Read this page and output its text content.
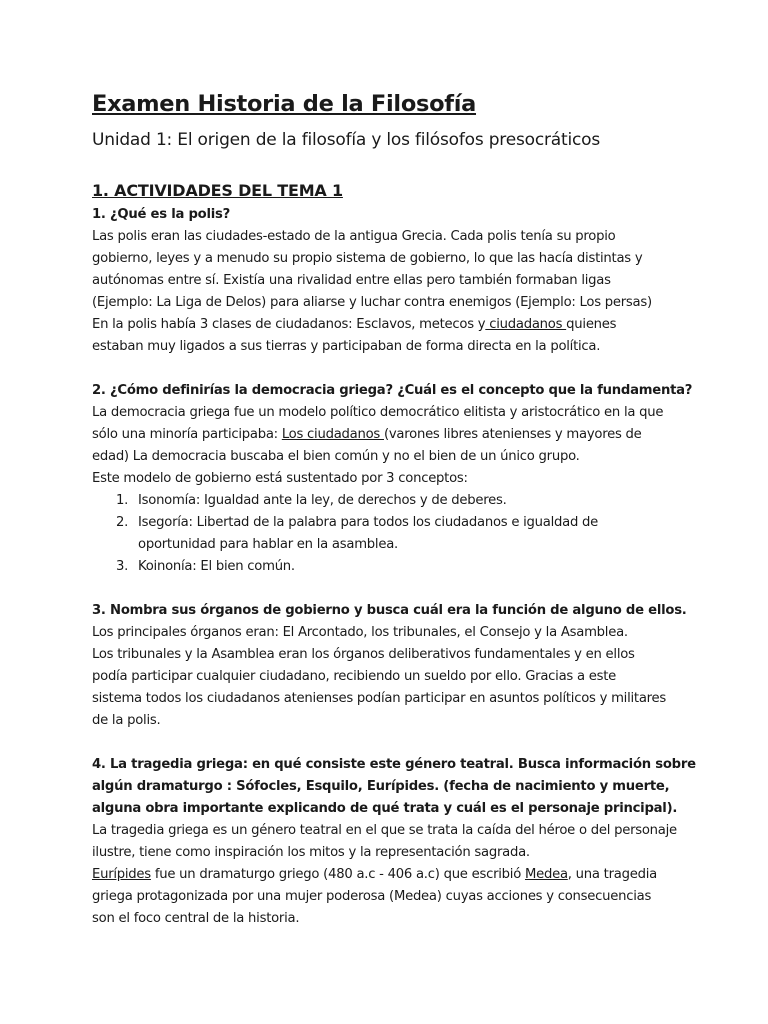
Examen Historia de la Filosofía

Unidad 1: El origen de la filosofía y los filósofos presocráticos

1. ACTIVIDADES DEL TEMA 1

1. ¿Qué es la polis?

Las polis eran las ciudades-estado de la antigua Grecia. Cada polis tenía su propio

gobierno, leyes y a menudo su propio sistema de gobierno, lo que las hacía distintas y

autónomas entre sí. Existía una rivalidad entre ellas pero también formaban ligas

(Ejemplo: La Liga de Delos) para aliarse y luchar contra enemigos (Ejemplo: Los persas)

En la polis había 3 clases de ciudadanos: Esclavos, metecos y ciudadanos quienes

estaban muy ligados a sus tierras y participaban de forma directa en la política.

2. ¿Cómo definirías la democracia griega? ¿Cuál es el concepto que la fundamenta?

La democracia griega fue un modelo político democrático elitista y aristocrático en la que

sólo una minoría participaba: Los ciudadanos (varones libres atenienses y mayores de

edad) La democracia buscaba el bien común y no el bien de un único grupo.

Este modelo de gobierno está sustentado por 3 conceptos:

1. Isonomía: Igualdad ante la ley, de derechos y de deberes.
2. Isegoría: Libertad de la palabra para todos los ciudadanos e igualdad de
oportunidad para hablar en la asamblea.
3. Koinonía: El bien común.

3. Nombra sus órganos de gobierno y busca cuál era la función de alguno de ellos.

Los principales órganos eran: El Arcontado, los tribunales, el Consejo y la Asamblea.

Los tribunales y la Asamblea eran los órganos deliberativos fundamentales y en ellos

podía participar cualquier ciudadano, recibiendo un sueldo por ello. Gracias a este

sistema todos los ciudadanos atenienses podían participar en asuntos políticos y militares

de la polis.

4. La tragedia griega: en qué consiste este género teatral. Busca información sobre

algún dramaturgo : Sófocles, Esquilo, Eurípides. (fecha de nacimiento y muerte,

alguna obra importante explicando de qué trata y cuál es el personaje principal).

La tragedia griega es un género teatral en el que se trata la caída del héroe o del personaje

ilustre, tiene como inspiración los mitos y la representación sagrada.

Eurípides fue un dramaturgo griego (480 a.c - 406 a.c) que escribió Medea, una tragedia

griega protagonizada por una mujer poderosa (Medea) cuyas acciones y consecuencias

son el foco central de la historia.
